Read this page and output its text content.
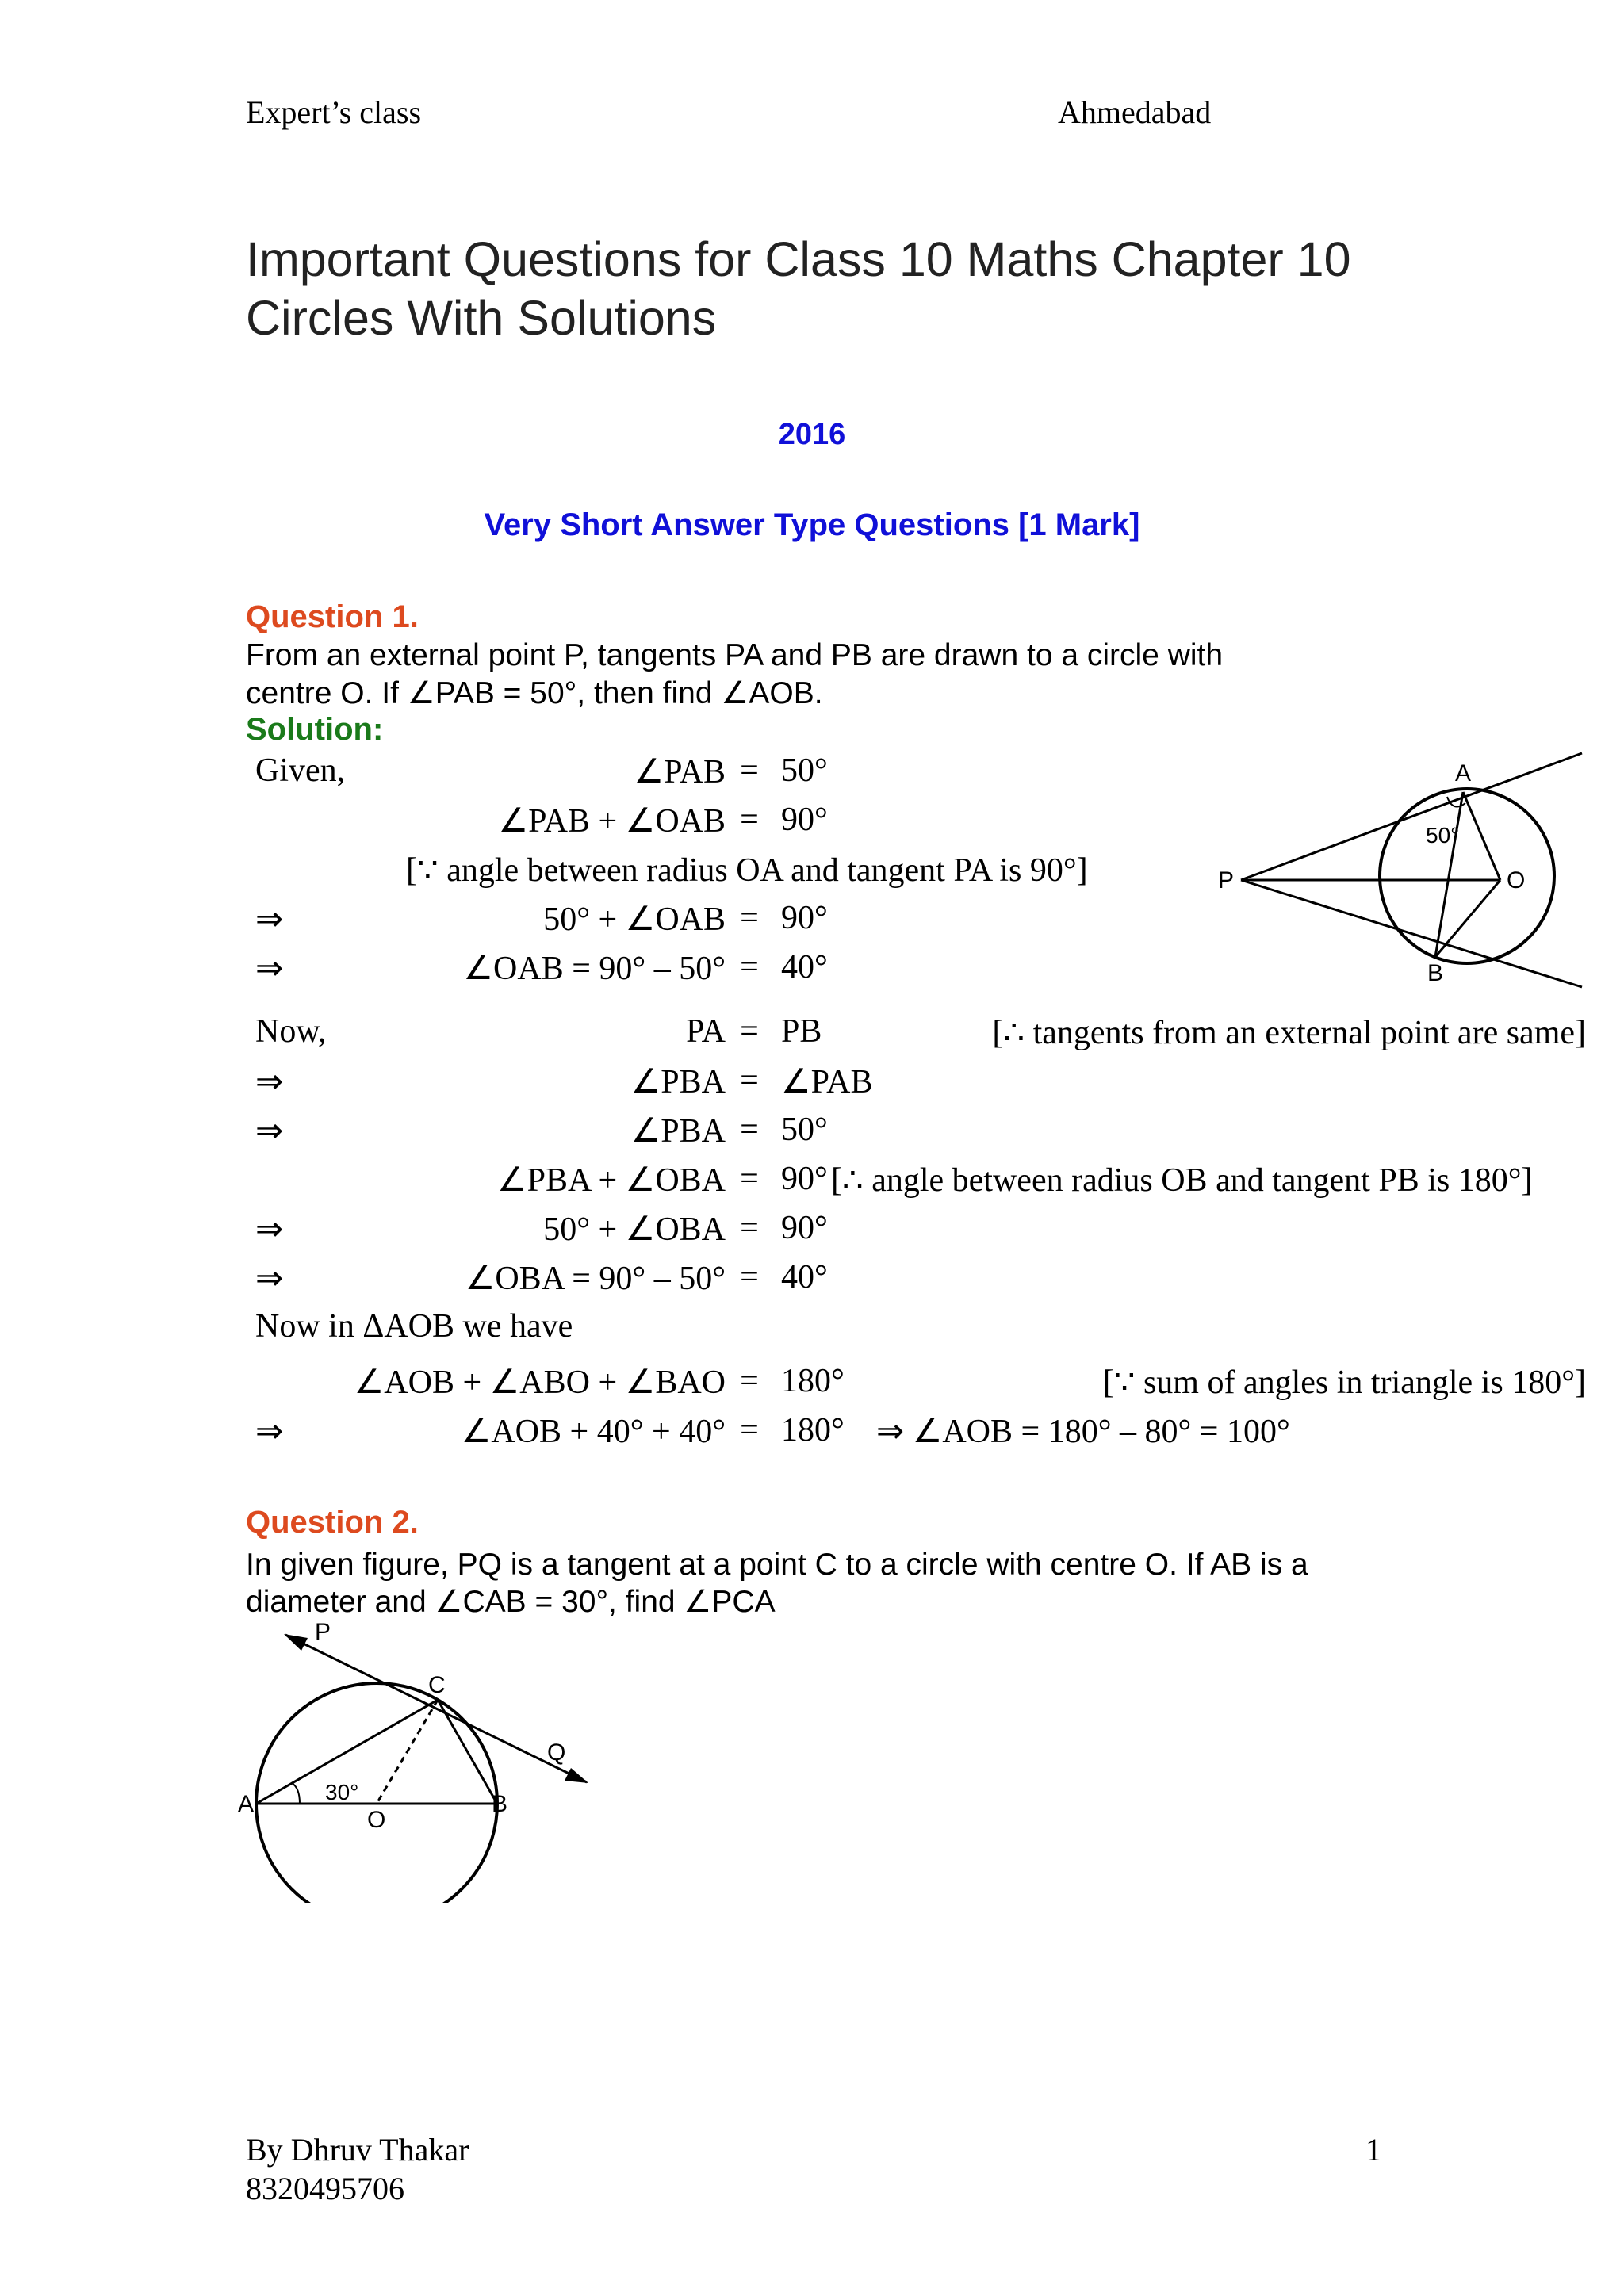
Expert’s class	Ahmedabad
Important Questions for Class 10 Maths Chapter 10 Circles With Solutions
2016
Very Short Answer Type Questions [1 Mark]
Question 1.
From an external point P, tangents PA and PB are drawn to a circle with
centre O. If ∠PAB = 50°, then find ∠AOB.
Solution:
Given,	∠PAB = 50°
∠PAB + ∠OAB = 90°
[∵ angle between radius OA and tangent PA is 90°]
⇒	50° + ∠OAB = 90°
⇒	∠OAB = 90° – 50° = 40°
Now,	PA = PB	[∴ tangents from an external point are same]
⇒	∠PBA = ∠PAB
⇒	∠PBA = 50°
∠PBA + ∠OBA = 90° [∴ angle between radius OB and tangent PB is 180°]
⇒	50° + ∠OBA = 90°
⇒	∠OBA = 90° – 50° = 40°
Now in ΔAOB we have
∠AOB + ∠ABO + ∠BAO = 180°	[∵ sum of angles in triangle is 180°]
⇒	∠AOB + 40° + 40° = 180° ⇒ ∠AOB = 180° – 80° = 100°
A
50°
P	O
B
Question 2.
In given figure, PQ is a tangent at a point C to a circle with centre O. If AB is a
diameter and ∠CAB = 30°, find ∠PCA
P
C
Q
A	30°
O
B
By Dhruv Thakar
8320495706
1
